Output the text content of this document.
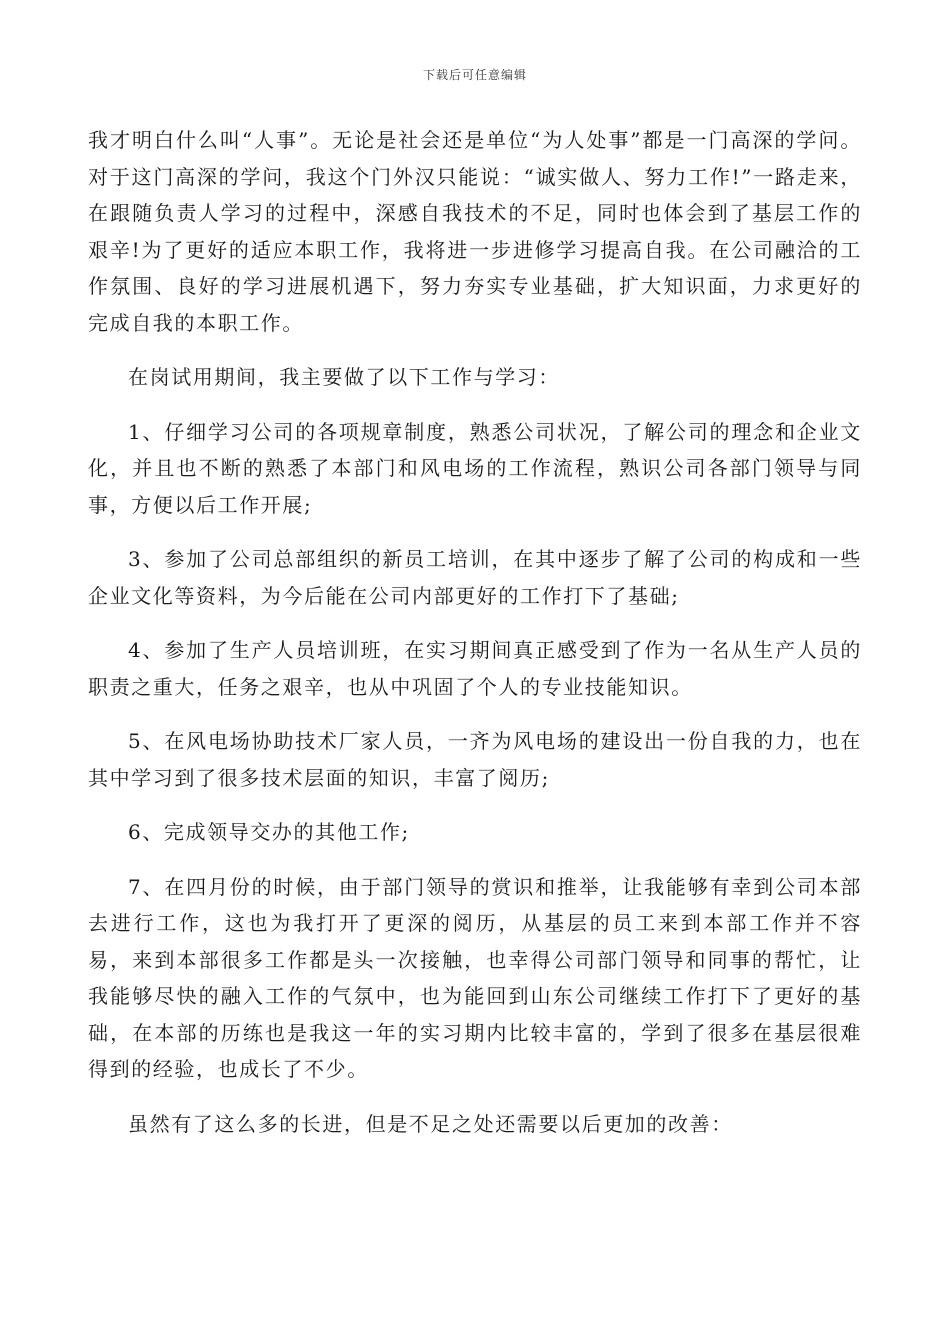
下载后可任意编辑

我才明白什么叫“人事”。无论是社会还是单位“为人处事”都是一门高深的学问。对于这门高深的学问，我这个门外汉只能说：“诚实做人、努力工作!”一路走来，在跟随负责人学习的过程中，深感自我技术的不足，同时也体会到了基层工作的艰辛!为了更好的适应本职工作，我将进一步进修学习提高自我。在公司融洽的工作氛围、良好的学习进展机遇下，努力夯实专业基础，扩大知识面，力求更好的完成自我的本职工作。

在岗试用期间，我主要做了以下工作与学习：

1、仔细学习公司的各项规章制度，熟悉公司状况，了解公司的理念和企业文化，并且也不断的熟悉了本部门和风电场的工作流程，熟识公司各部门领导与同事，方便以后工作开展;

3、参加了公司总部组织的新员工培训，在其中逐步了解了公司的构成和一些企业文化等资料，为今后能在公司内部更好的工作打下了基础;

4、参加了生产人员培训班，在实习期间真正感受到了作为一名从生产人员的职责之重大，任务之艰辛，也从中巩固了个人的专业技能知识。

5、在风电场协助技术厂家人员，一齐为风电场的建设出一份自我的力，也在其中学习到了很多技术层面的知识，丰富了阅历;

6、完成领导交办的其他工作;

7、在四月份的时候，由于部门领导的赏识和推举，让我能够有幸到公司本部去进行工作，这也为我打开了更深的阅历，从基层的员工来到本部工作并不容易，来到本部很多工作都是头一次接触，也幸得公司部门领导和同事的帮忙，让我能够尽快的融入工作的气氛中，也为能回到山东公司继续工作打下了更好的基础，在本部的历练也是我这一年的实习期内比较丰富的，学到了很多在基层很难得到的经验，也成长了不少。

虽然有了这么多的长进，但是不足之处还需要以后更加的改善：
